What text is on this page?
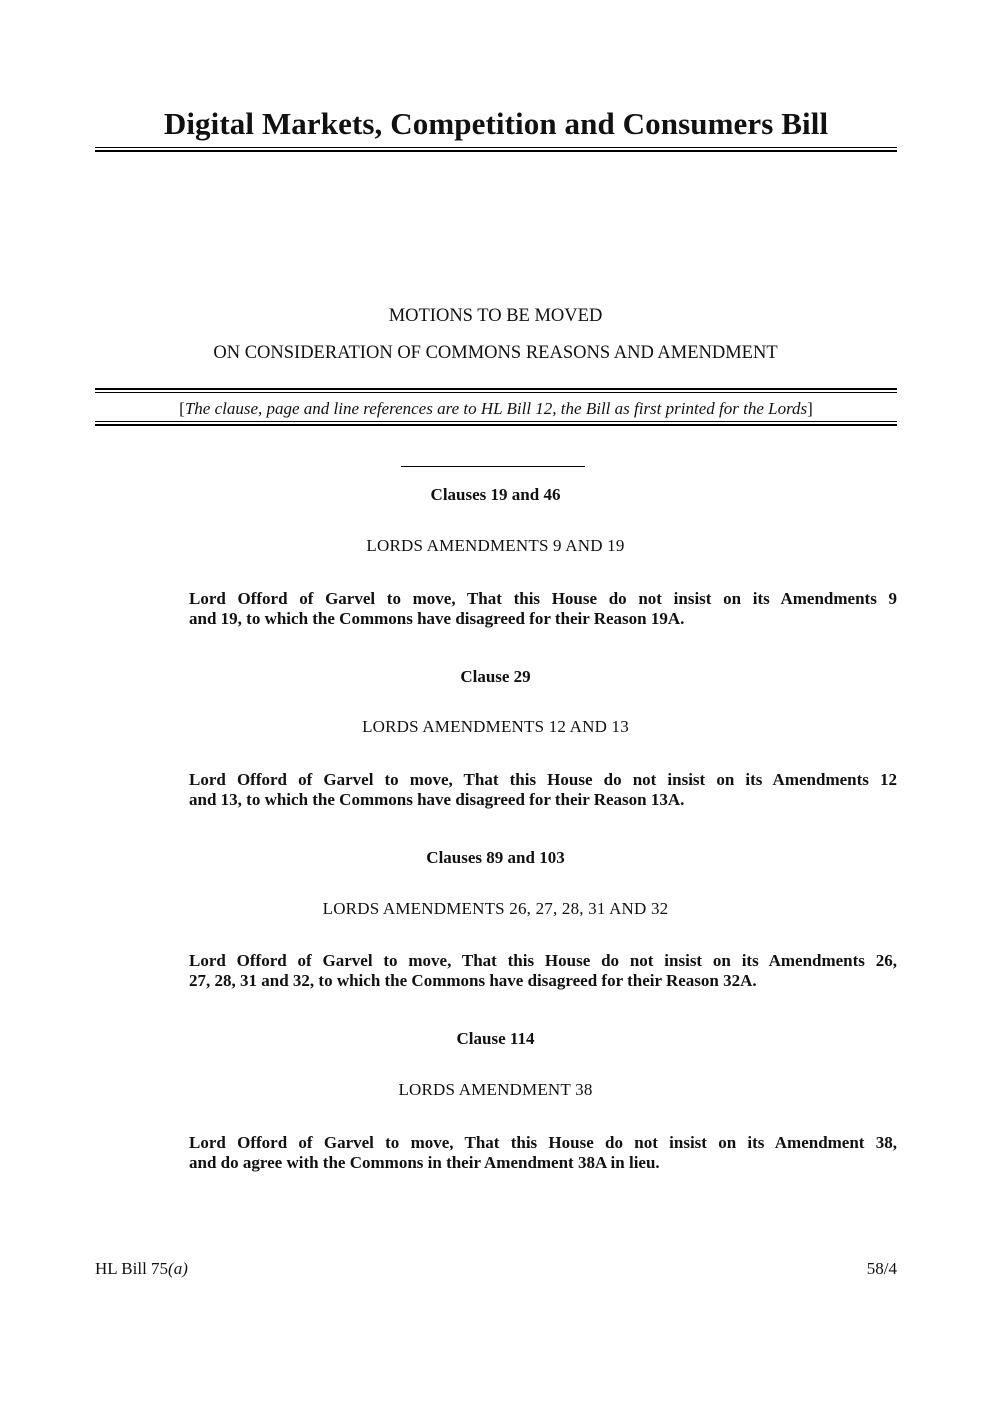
Digital Markets, Competition and Consumers Bill
MOTIONS TO BE MOVED
ON CONSIDERATION OF COMMONS REASONS AND AMENDMENT
[The clause, page and line references are to HL Bill 12, the Bill as first printed for the Lords]
Clauses 19 and 46
LORDS AMENDMENTS 9 AND 19
Lord Offord of Garvel to move, That this House do not insist on its Amendments 9
and 19, to which the Commons have disagreed for their Reason 19A.
Clause 29
LORDS AMENDMENTS 12 AND 13
Lord Offord of Garvel to move, That this House do not insist on its Amendments 12
and 13, to which the Commons have disagreed for their Reason 13A.
Clauses 89 and 103
LORDS AMENDMENTS 26, 27, 28, 31 AND 32
Lord Offord of Garvel to move, That this House do not insist on its Amendments 26,
27, 28, 31 and 32, to which the Commons have disagreed for their Reason 32A.
Clause 114
LORDS AMENDMENT 38
Lord Offord of Garvel to move, That this House do not insist on its Amendment 38,
and do agree with the Commons in their Amendment 38A in lieu.
HL Bill 75(a)	58/4
